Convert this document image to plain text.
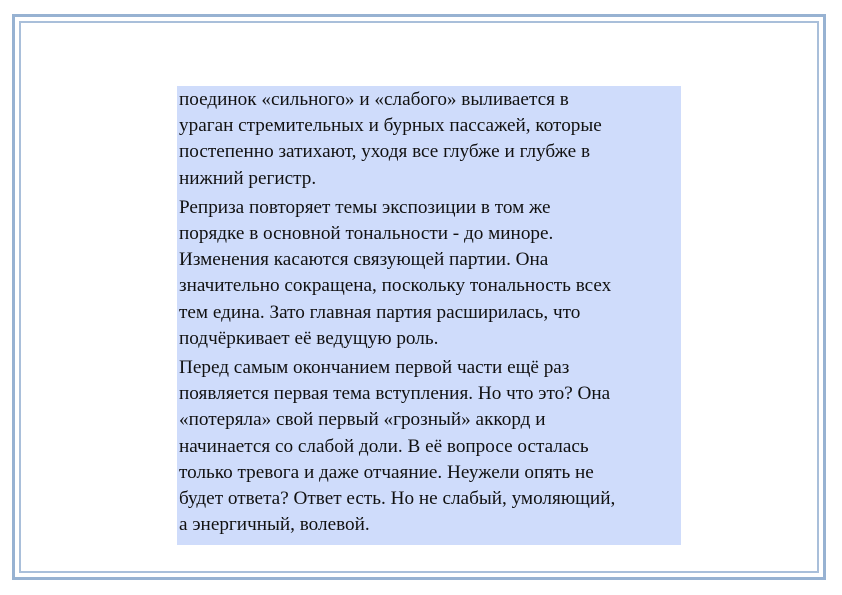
поединок «сильного» и «слабого» выливается в
ураган стремительных и бурных пассажей, которые
постепенно затихают, уходя все глубже и глубже в
нижний регистр.

Реприза повторяет темы экспозиции в том же
порядке в основной тональности - до миноре.
Изменения касаются связующей партии. Она
значительно сокращена, поскольку тональность всех
тем едина. Зато главная партия расширилась, что
подчёркивает её ведущую роль.

Перед самым окончанием первой части ещё раз
появляется первая тема вступления. Но что это? Она
«потеряла» свой первый «грозный» аккорд и
начинается со слабой доли. В её вопросе осталась
только тревога и даже отчаяние. Неужели опять не
будет ответа? Ответ есть. Но не слабый, умоляющий,
а энергичный, волевой.
